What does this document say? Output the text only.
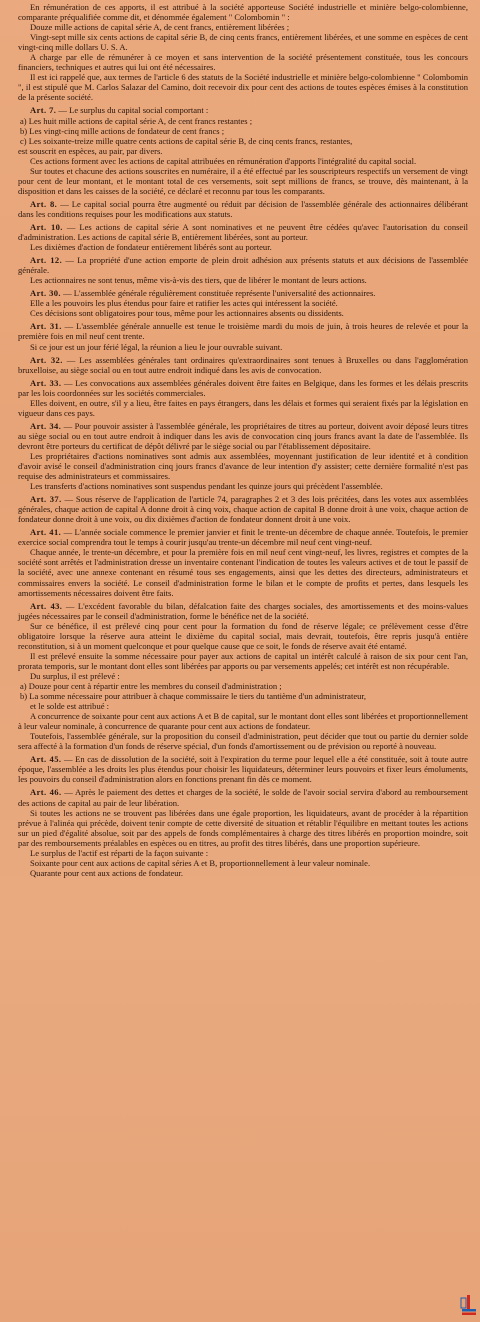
En rémunération de ces apports, il est attribué à la société apporteuse Société industrielle et minière belgo-colombienne, comparante préqualifiée comme dit, et dénommée également " Colombomin " :

Douze mille actions de capital série A, de cent francs, entièrement libérées ;

Vingt-sept mille six cents actions de capital série B, de cinq cents francs, entièrement libérées, et une somme en espèces de cent vingt-cinq mille dollars U. S. A.

A charge par elle de rémunérer à ce moyen et sans intervention de la société présentement constituée, tous les concours financiers, techniques et autres qui lui ont été nécessaires.

Il est ici rappelé que, aux termes de l'article 6 des statuts de la Société industrielle et minière belgo-colombienne " Colombomin ", il est stipulé que M. Carlos Salazar del Camino, doit recevoir dix pour cent des actions de toutes espèces émises à la constitution de la présente société.

Art. 7. — Le surplus du capital social comportant :

a) Les huit mille actions de capital série A, de cent francs restantes ;

b) Les vingt-cinq mille actions de fondateur de cent francs ;

c) Les soixante-treize mille quatre cents actions de capital série B, de cinq cents francs, restantes,

est souscrit en espèces, au pair, par divers.

Ces actions forment avec les actions de capital attribuées en rémunération d'apports l'intégralité du capital social.

Sur toutes et chacune des actions souscrites en numéraire, il a été effectué par les souscripteurs respectifs un versement de vingt pour cent de leur montant, et le montant total de ces versements, soit sept millions de francs, se trouve, dès maintenant, à la disposition et dans les caisses de la société, ce déclaré et reconnu par tous les comparants.

Art. 8. — Le capital social pourra être augmenté ou réduit par décision de l'assemblée générale des actionnaires délibérant dans les conditions requises pour les modifications aux statuts.

Art. 10. — Les actions de capital série A sont nominatives et ne peuvent être cédées qu'avec l'autorisation du conseil d'administration. Les actions de capital série B, entièrement libérées, sont au porteur.

Les dixièmes d'action de fondateur entièrement libérés sont au porteur.

Art. 12. — La propriété d'une action emporte de plein droit adhésion aux présents statuts et aux décisions de l'assemblée générale.

Les actionnaires ne sont tenus, même vis-à-vis des tiers, que de libérer le montant de leurs actions.

Art. 30. — L'assemblée générale régulièrement constituée représente l'universalité des actionnaires.

Elle a les pouvoirs les plus étendus pour faire et ratifier les actes qui intéressent la société.

Ces décisions sont obligatoires pour tous, même pour les actionnaires absents ou dissidents.

Art. 31. — L'assemblée générale annuelle est tenue le troisième mardi du mois de juin, à trois heures de relevée et pour la première fois en mil neuf cent trente.

Si ce jour est un jour férié légal, la réunion a lieu le jour ouvrable suivant.

Art. 32. — Les assemblées générales tant ordinaires qu'extraordinaires sont tenues à Bruxelles ou dans l'agglomération bruxelloise, au siège social ou en tout autre endroit indiqué dans les avis de convocation.

Art. 33. — Les convocations aux assemblées générales doivent être faites en Belgique, dans les formes et les délais prescrits par les lois coordonnées sur les sociétés commerciales.

Elles doivent, en outre, s'il y a lieu, être faites en pays étrangers, dans les délais et formes qui seraient fixés par la législation en vigueur dans ces pays.

Art. 34. — Pour pouvoir assister à l'assemblée générale, les propriétaires de titres au porteur, doivent avoir déposé leurs titres au siège social ou en tout autre endroit à indiquer dans les avis de convocation cinq jours francs avant la date de l'assemblée. Ils devront être porteurs du certificat de dépôt délivré par le siège social ou par l'établissement dépositaire.

Les propriétaires d'actions nominatives sont admis aux assemblées, moyennant justification de leur identité et à condition d'avoir avisé le conseil d'administration cinq jours francs d'avance de leur intention d'y assister; cette dernière formalité n'est pas requise des administrateurs et commissaires.

Les transferts d'actions nominatives sont suspendus pendant les quinze jours qui précèdent l'assemblée.

Art. 37. — Sous réserve de l'application de l'article 74, paragraphes 2 et 3 des lois précitées, dans les votes aux assemblées générales, chaque action de capital A donne droit à cinq voix, chaque action de capital B donne droit à une voix, chaque action de fondateur donne droit à une voix, ou dix dixièmes d'action de fondateur donnent droit à une voix.

Art. 41. — L'année sociale commence le premier janvier et finit le trente-un décembre de chaque année. Toutefois, le premier exercice social comprendra tout le temps à courir jusqu'au trente-un décembre mil neuf cent vingt-neuf.

Chaque année, le trente-un décembre, et pour la première fois en mil neuf cent vingt-neuf, les livres, registres et comptes de la société sont arrêtés et l'administration dresse un inventaire contenant l'indication de toutes les valeurs actives et de tout le passif de la société, avec une annexe contenant en résumé tous ses engagements, ainsi que les dettes des directeurs, administrateurs et commissaires envers la société. Le conseil d'administration forme le bilan et le compte de profits et pertes, dans lesquels les amortissements nécessaires doivent être faits.

Art. 43. — L'excédent favorable du bilan, défalcation faite des charges sociales, des amortissements et des moins-values jugées nécessaires par le conseil d'administration, forme le bénéfice net de la société.

Sur ce bénéfice, il est prélevé cinq pour cent pour la formation du fond de réserve légale; ce prélèvement cesse d'être obligatoire lorsque la réserve aura atteint le dixième du capital social, mais devrait, toutefois, être repris jusqu'à entière reconstitution, si à un moment quelconque et pour quelque cause que ce soit, le fonds de réserve avait été entamé.

Il est prélevé ensuite la somme nécessaire pour payer aux actions de capital un intérêt calculé à raison de six pour cent l'an, prorata temporis, sur le montant dont elles sont libérées par apports ou par versements appelés; cet intérêt est non récupérable.

Du surplus, il est prélevé :

a) Douze pour cent à répartir entre les membres du conseil d'administration ;

b) La somme nécessaire pour attribuer à chaque commissaire le tiers du tantième d'un administrateur,

et le solde est attribué :

A concurrence de soixante pour cent aux actions A et B de capital, sur le montant dont elles sont libérées et proportionnellement à leur valeur nominale, à concurrence de quarante pour cent aux actions de fondateur.

Toutefois, l'assemblée générale, sur la proposition du conseil d'administration, peut décider que tout ou partie du dernier solde sera affecté à la formation d'un fonds de réserve spécial, d'un fonds d'amortissement ou de prévision ou reporté à nouveau.

Art. 45. — En cas de dissolution de la société, soit à l'expiration du terme pour lequel elle a été constituée, soit à toute autre époque, l'assemblée a les droits les plus étendus pour choisir les liquidateurs, déterminer leurs pouvoirs et fixer leurs émoluments, les pouvoirs du conseil d'administration alors en fonctions prenant fin dès ce moment.

Art. 46. — Après le paiement des dettes et charges de la société, le solde de l'avoir social servira d'abord au remboursement des actions de capital au pair de leur libération.

Si toutes les actions ne se trouvent pas libérées dans une égale proportion, les liquidateurs, avant de procéder à la répartition prévue à l'alinéa qui précède, doivent tenir compte de cette diversité de situation et rétablir l'équilibre en mettant toutes les actions sur un pied d'égalité absolue, soit par des appels de fonds complémentaires à charge des titres libérés en proportion moindre, soit par des remboursements préalables en espèces ou en titres, au profit des titres libérés, dans une proportion supérieure.

Le surplus de l'actif est réparti de la façon suivante :

Soixante pour cent aux actions de capital séries A et B, proportionnellement à leur valeur nominale.

Quarante pour cent aux actions de fondateur.
